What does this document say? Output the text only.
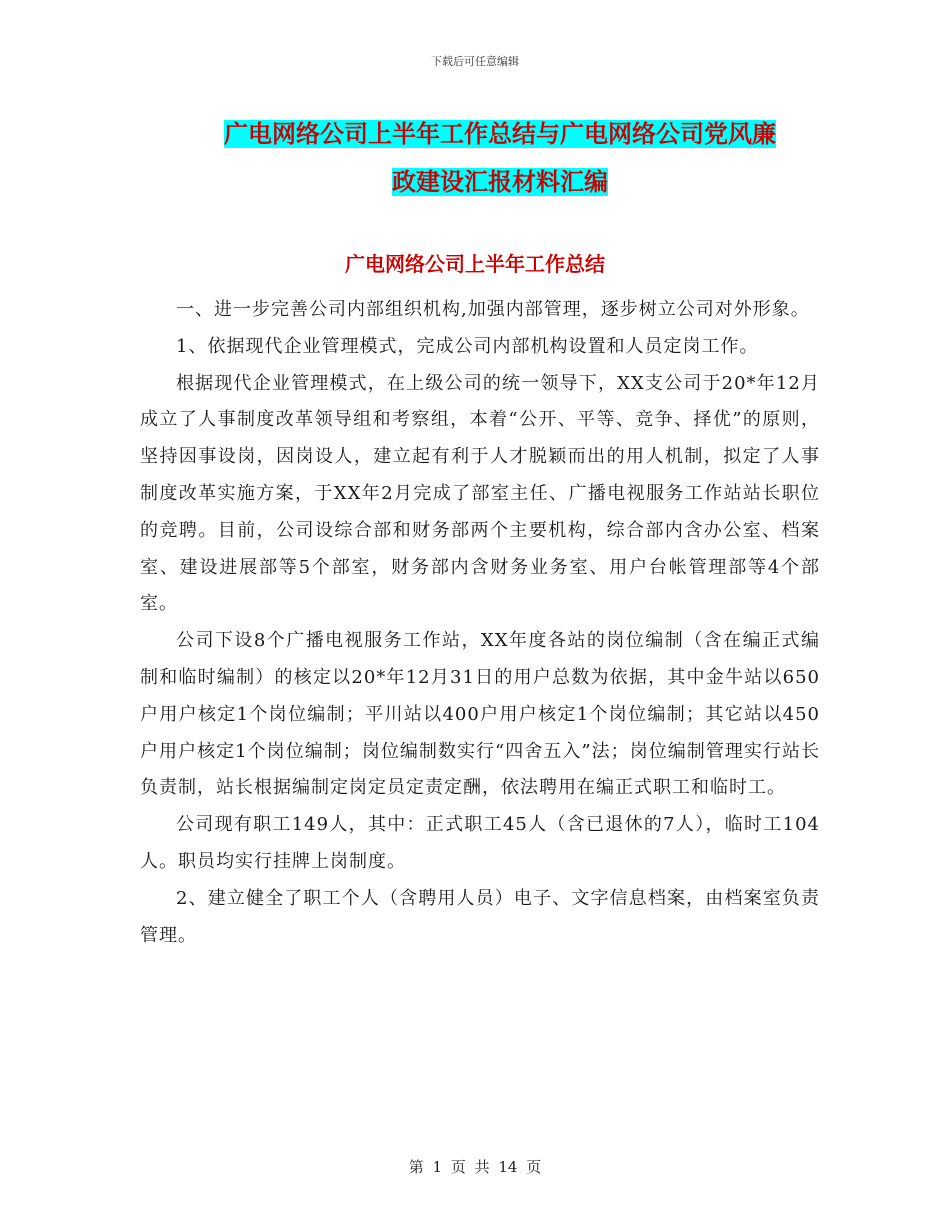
下载后可任意编辑
广电网络公司上半年工作总结与广电网络公司党风廉
政建设汇报材料汇编
广电网络公司上半年工作总结

一、进一步完善公司内部组织机构,加强内部管理，逐步树立公司对外形象。

1、依据现代企业管理模式，完成公司内部机构设置和人员定岗工作。

根据现代企业管理模式，在上级公司的统一领导下，XX支公司于20*年12月成立了人事制度改革领导组和考察组，本着“公开、平等、竞争、择优”的原则，坚持因事设岗，因岗设人，建立起有利于人才脱颖而出的用人机制，拟定了人事制度改革实施方案，于XX年2月完成了部室主任、广播电视服务工作站站长职位的竞聘。目前，公司设综合部和财务部两个主要机构，综合部内含办公室、档案室、建设进展部等5个部室，财务部内含财务业务室、用户台帐管理部等4个部室。

公司下设8个广播电视服务工作站，XX年度各站的岗位编制（含在编正式编制和临时编制）的核定以20*年12月31日的用户总数为依据，其中金牛站以650户用户核定1个岗位编制；平川站以400户用户核定1个岗位编制；其它站以450户用户核定1个岗位编制；岗位编制数实行“四舍五入”法；岗位编制管理实行站长负责制，站长根据编制定岗定员定责定酬，依法聘用在编正式职工和临时工。

公司现有职工149人，其中：正式职工45人（含已退休的7人），临时工104人。职员均实行挂牌上岗制度。

2、建立健全了职工个人（含聘用人员）电子、文字信息档案，由档案室负责管理。

第 1 页 共 14 页
